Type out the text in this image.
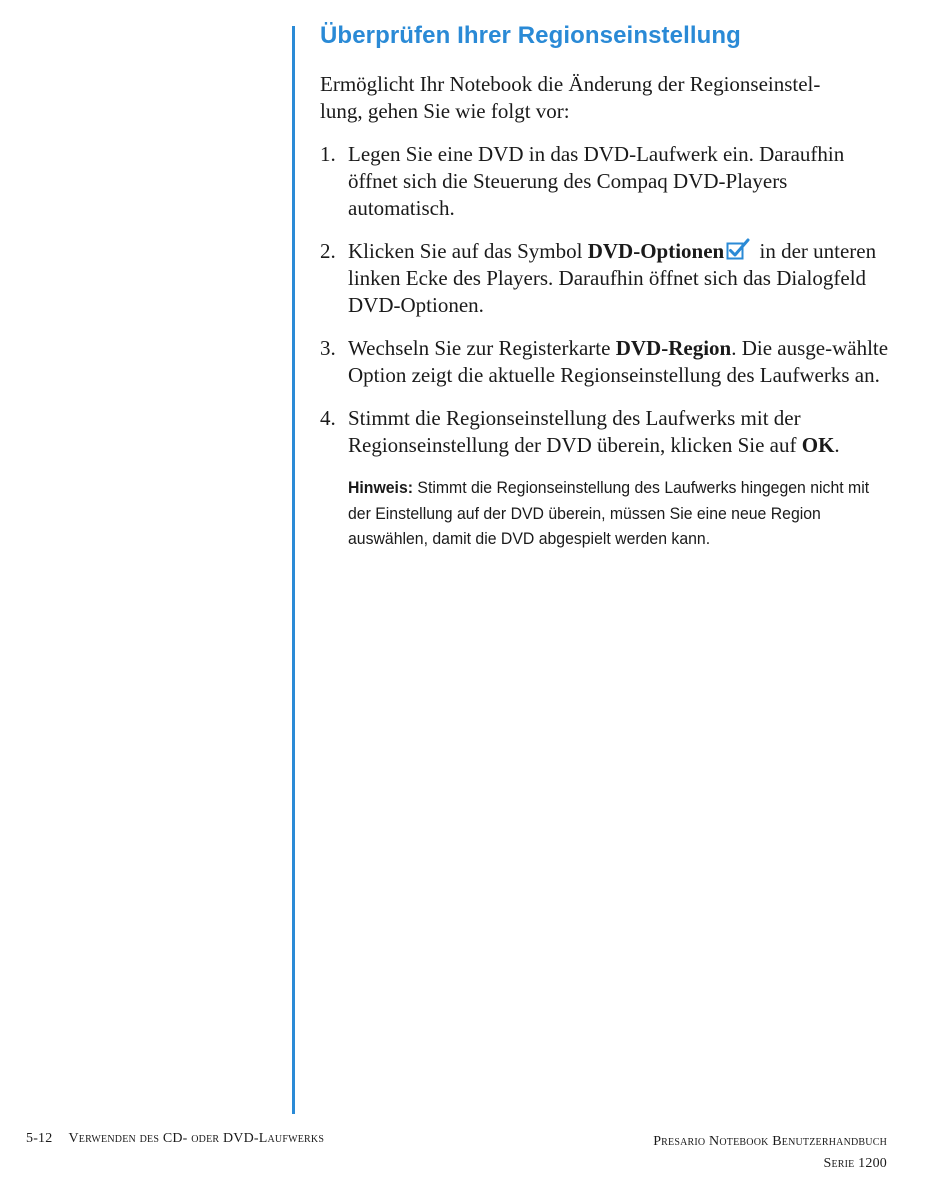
Überprüfen Ihrer Regionseinstellung

Ermöglicht Ihr Notebook die Änderung der Regionseinstel-
lung, gehen Sie wie folgt vor:

1. Legen Sie eine DVD in das DVD-Laufwerk ein. Daraufhin öffnet sich die Steuerung des Compaq DVD-Players automatisch.
2. Klicken Sie auf das Symbol DVD-Optionen in der unteren linken Ecke des Players. Daraufhin öffnet sich das Dialogfeld DVD-Optionen.
3. Wechseln Sie zur Registerkarte DVD-Region. Die ausge-wählte Option zeigt die aktuelle Regionseinstellung des Laufwerks an.
4. Stimmt die Regionseinstellung des Laufwerks mit der Regionseinstellung der DVD überein, klicken Sie auf OK.
Hinweis: Stimmt die Regionseinstellung des Laufwerks hingegen nicht mit der Einstellung auf der DVD überein, müssen Sie eine neue Region auswählen, damit die DVD abgespielt werden kann.
5-12 Verwenden des CD- oder DVD-Laufwerks	Presario Notebook Benutzerhandbuch
Serie 1200
